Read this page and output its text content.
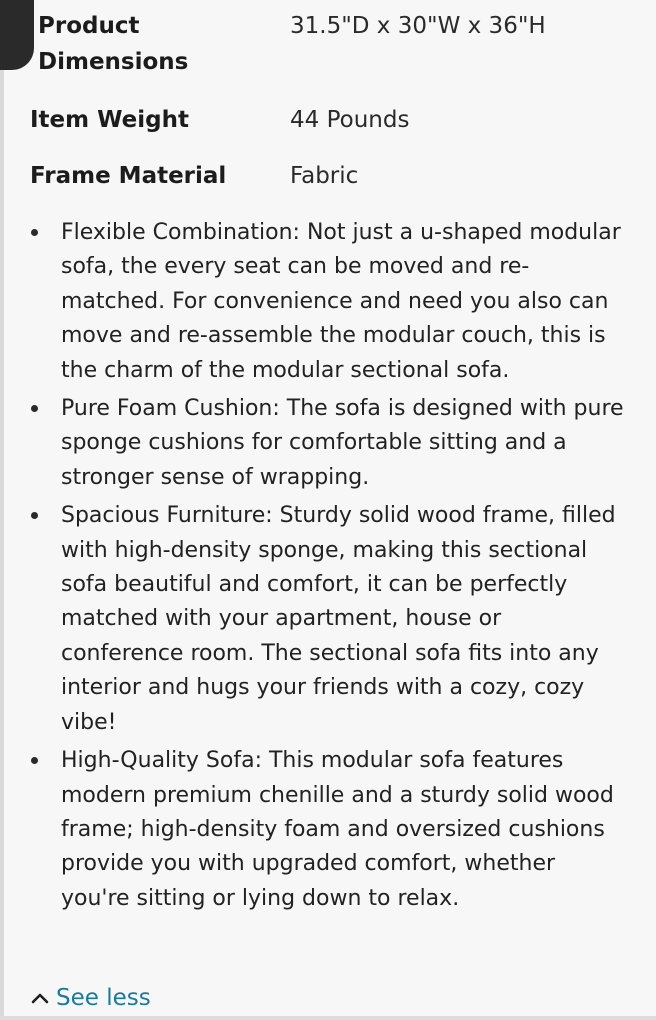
Product Dimensions
31.5"D x 30"W x 36"H
Item Weight	44 Pounds
Frame Material	Fabric
Flexible Combination: Not just a u-shaped modular sofa, the every seat can be moved and re-matched. For convenience and need you also can move and re-assemble the modular couch, this is the charm of the modular sectional sofa.
Pure Foam Cushion: The sofa is designed with pure sponge cushions for comfortable sitting and a stronger sense of wrapping.
Spacious Furniture: Sturdy solid wood frame, filled with high-density sponge, making this sectional sofa beautiful and comfort, it can be perfectly matched with your apartment, house or conference room. The sectional sofa fits into any interior and hugs your friends with a cozy, cozy vibe!
High-Quality Sofa: This modular sofa features modern premium chenille and a sturdy solid wood frame; high-density foam and oversized cushions provide you with upgraded comfort, whether you're sitting or lying down to relax.
See less
